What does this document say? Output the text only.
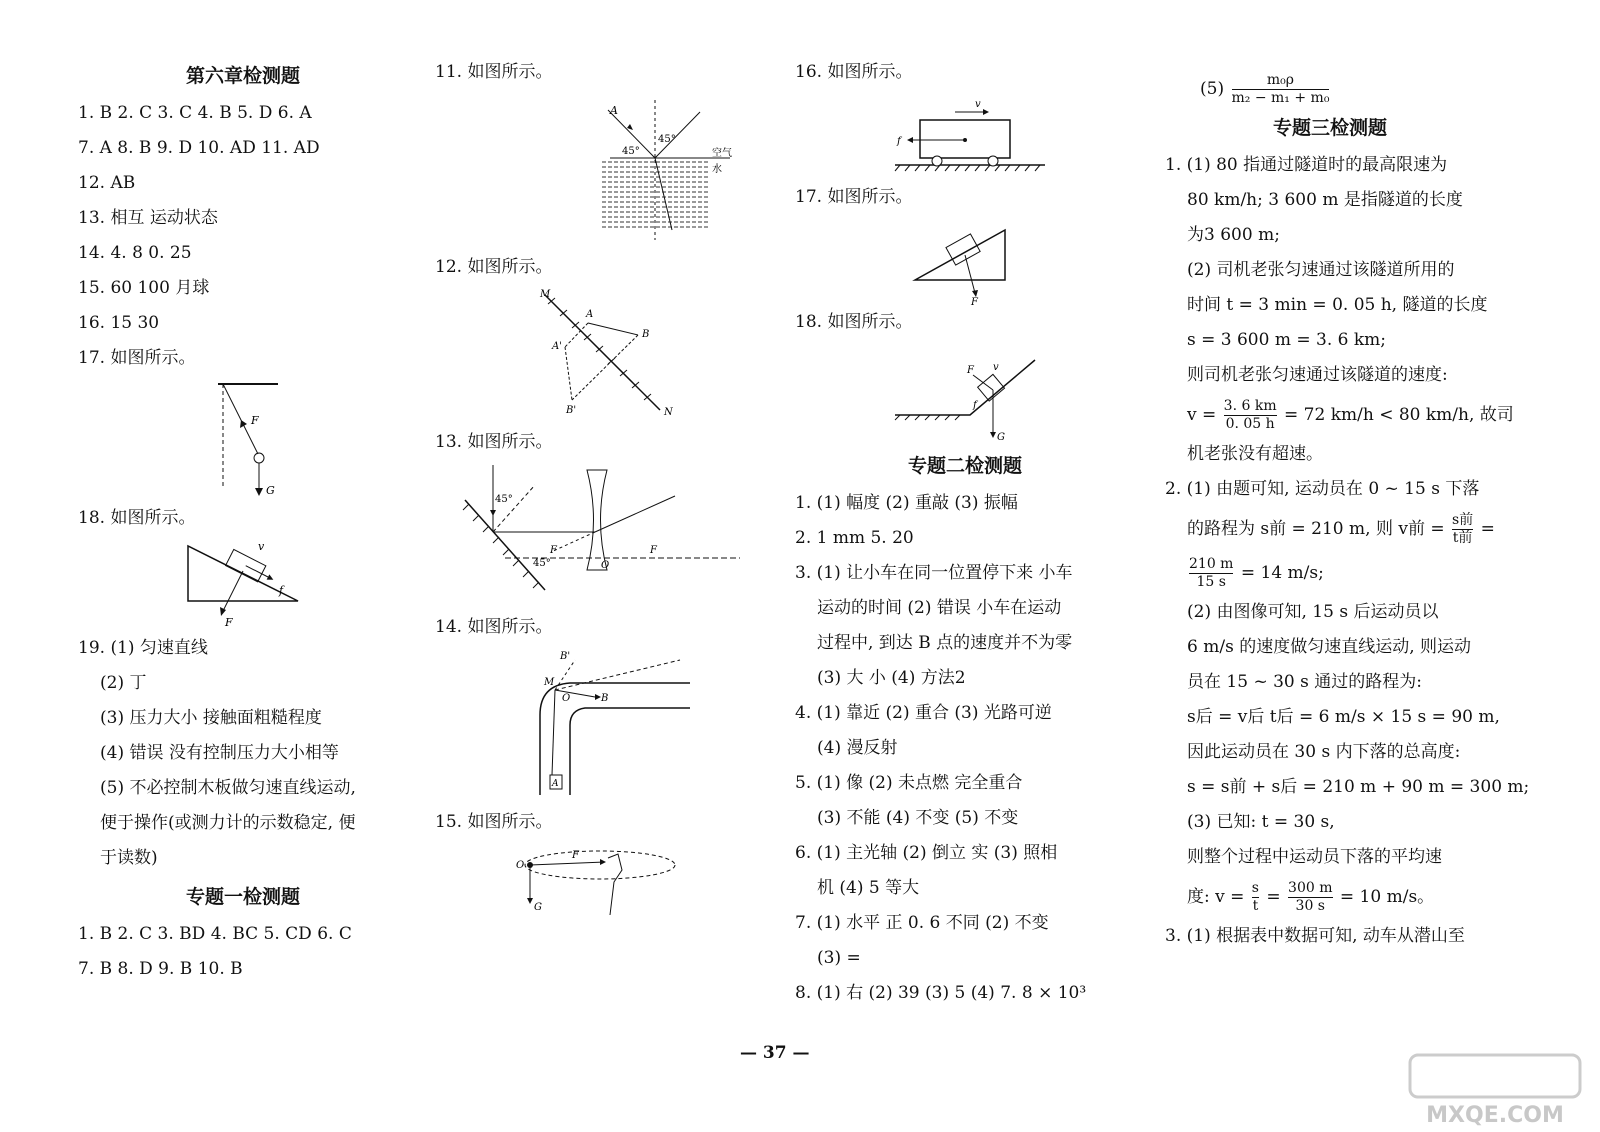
第六章检测题
1. B 2. C 3. C 4. B 5. D 6. A
7. A 8. B 9. D 10. AD 11. AD
12. AB
13. 相互 运动状态
14. 4. 8 0. 25
15. 60 100 月球
16. 15 30
17. 如图所示。
F
G
18. 如图所示。
F
v
f
19. (1) 匀速直线
(2) 丁
(3) 压力大小 接触面粗糙程度
(4) 错误 没有控制压力大小相等
(5) 不必控制木板做匀速直线运动,
便于操作(或测力计的示数稳定, 便
于读数)
专题一检测题
1. B 2. C 3. BD 4. BC 5. CD 6. C
7. B 8. D 9. B 10. B
11. 如图所示。
A
45°
45°	空气
水
12. 如图所示。
M
N
A
B
A'
B'
13. 如图所示。
45°
F	F
O
45°
14. 如图所示。
B'
B
M
O
A
15. 如图所示。
O
F
G
16. 如图所示。
v
f
17. 如图所示。
F
18. 如图所示。
G
F v
f
专题二检测题
1. (1) 幅度 (2) 重敲 (3) 振幅
2. 1 mm 5. 20
3. (1) 让小车在同一位置停下来 小车
运动的时间 (2) 错误 小车在运动
过程中, 到达 B 点的速度并不为零
(3) 大 小 (4) 方法2
4. (1) 靠近 (2) 重合 (3) 光路可逆
(4) 漫反射
5. (1) 像 (2) 未点燃 完全重合
(3) 不能 (4) 不变 (5) 不变
6. (1) 主光轴 (2) 倒立 实 (3) 照相
机 (4) 5 等大
7. (1) 水平 正 0. 6 不同 (2) 不变
(3) =
8. (1) 右 (2) 39 (3) 5 (4) 7. 8 × 10³
$(5) \frac{\text{m₀ρ}}{\text{m₂ − m₁ + m₀}}$
专题三检测题
1. (1) 80 指通过隧道时的最高限速为
80 km/h; 3 600 m 是指隧道的长度
为3 600 m;
(2) 司机老张匀速通过该隧道所用的
时间 t = 3 min = 0. 05 h, 隧道的长度
s = 3 600 m = 3. 6 km;
则司机老张匀速通过该隧道的速度:
$v = \frac{3. 6 km}{0. 05 h} = 72$ km/h < 80 km/h, 故司
机老张没有超速。
2. (1) 由题可知, 运动员在 0 ~ 15 s 下落
的路程为 s前 = 210 m, 则 v前 = $\frac{\text{s前}}{\text{t前}}$ =
$\frac{210 m}{15 s} = 14$ m/s;
(2) 由图像可知, 15 s 后运动员以
6 m/s 的速度做匀速直线运动, 则运动
员在 15 ~ 30 s 通过的路程为:
s后 = v后 t后 = 6 m/s × 15 s = 90 m,
因此运动员在 30 s 内下落的总高度:
s = s前 + s后 = 210 m + 90 m = 300 m;
(3) 已知: t = 30 s,
则整个过程中运动员下落的平均速
度: $v = \frac{s}{t} = \frac{300 m}{30 s} = 10$ m/s。
3. (1) 根据表中数据可知, 动车从潜山至
— 37 —
MXQE.COM
